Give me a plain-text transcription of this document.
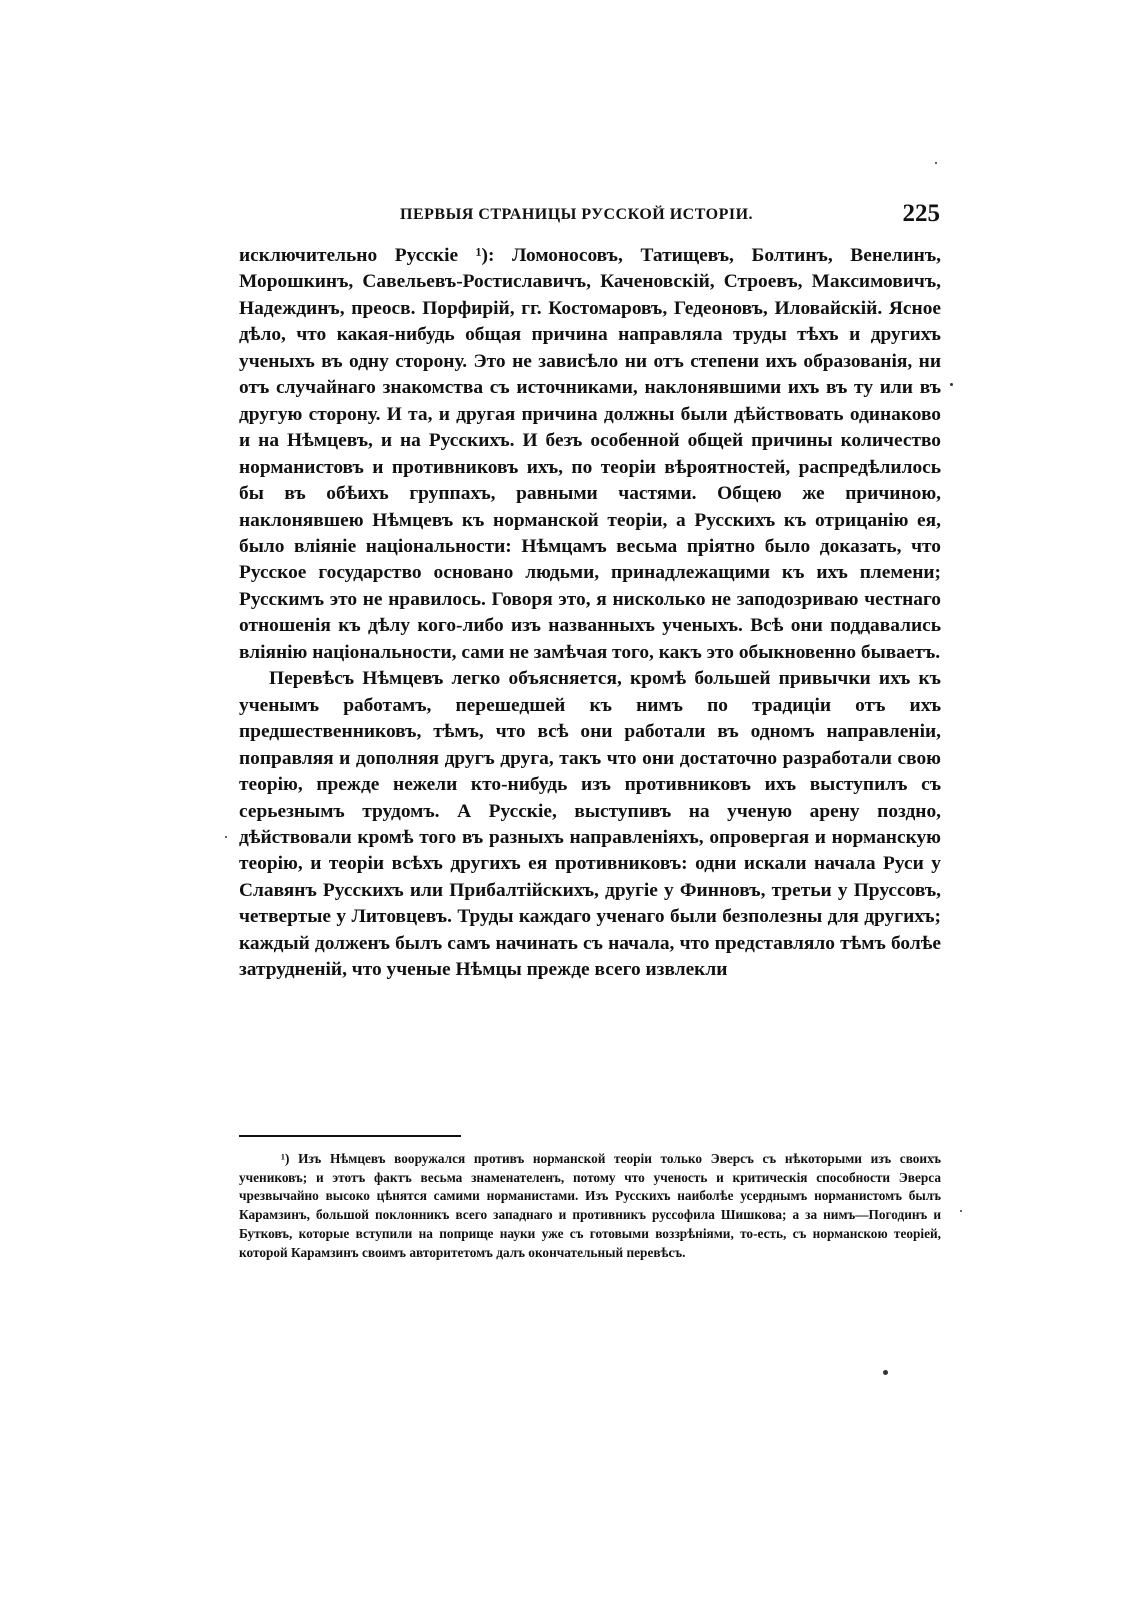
ПЕРВЫЯ СТРАНИЦЫ РУССКОЙ ИСТОРІИ.	225

исключительно Русскіе ¹): Ломоносовъ, Татищевъ, Болтинъ, Венелинъ, Морошкинъ, Савельевъ-Ростиславичъ, Каченовскій, Строевъ, Максимовичъ, Надеждинъ, преосв. Порфирій, гг. Костомаровъ, Гедеоновъ, Иловайскій. Ясное дѣло, что какая-нибудь общая причина направляла труды тѣхъ и другихъ ученыхъ въ одну сторону. Это не зависѣло ни отъ степени ихъ образованія, ни отъ случайнаго знакомства съ источниками, наклонявшими ихъ въ ту или въ другую сторону. И та, и другая причина должны были дѣйствовать одинаково и на Нѣмцевъ, и на Русскихъ. И безъ особенной общей причины количество норманистовъ и противниковъ ихъ, по теоріи вѣроятностей, распредѣлилось бы въ обѣихъ группахъ, равными частями. Общею же причиною, наклонявшею Нѣмцевъ къ норманской теоріи, а Русскихъ къ отрицанію ея, было вліяніе національности: Нѣмцамъ весьма пріятно было доказать, что Русское государство основано людьми, принадлежащими къ ихъ племени; Русскимъ это не нравилось. Говоря это, я нисколько не заподозриваю честнаго отношенія къ дѣлу кого-либо изъ названныхъ ученыхъ. Всѣ они поддавались вліянію національности, сами не замѣчая того, какъ это обыкновенно бываетъ.

Перевѣсъ Нѣмцевъ легко объясняется, кромѣ большей привычки ихъ къ ученымъ работамъ, перешедшей къ нимъ по традиціи отъ ихъ предшественниковъ, тѣмъ, что всѣ они работали въ одномъ направленіи, поправляя и дополняя другъ друга, такъ что они достаточно разработали свою теорію, прежде нежели кто-нибудь изъ противниковъ ихъ выступилъ съ серьезнымъ трудомъ. А Русскіе, выступивъ на ученую арену поздно, дѣйствовали кромѣ того въ разныхъ направленіяхъ, опровергая и норманскую теорію, и теоріи всѣхъ другихъ ея противниковъ: одни искали начала Руси у Славянъ Русскихъ или Прибалтійскихъ, другіе у Финновъ, третьи у Пруссовъ, четвертые у Литовцевъ. Труды каждаго ученаго были безполезны для другихъ; каждый долженъ былъ самъ начинать съ начала, что представляло тѣмъ болѣе затрудненій, что ученые Нѣмцы прежде всего извлекли

¹) Изъ Нѣмцевъ вооружался противъ норманской теоріи только Эверсъ съ нѣкоторыми изъ своихъ учениковъ; и этотъ фактъ весьма знаменателенъ, потому что ученость и критическія способности Эверса чрезвычайно высоко цѣнятся самими норманистами. Изъ Русскихъ наиболѣе усерднымъ норманистомъ былъ Карамзинъ, большой поклонникъ всего западнаго и противникъ руссофила Шишкова; а за нимъ—Погодинъ и Бутковъ, которые вступили на поприще науки уже съ готовыми воззрѣніями, то-есть, съ норманскою теоріей, которой Карамзинъ своимъ авторитетомъ далъ окончательный перевѣсъ.
